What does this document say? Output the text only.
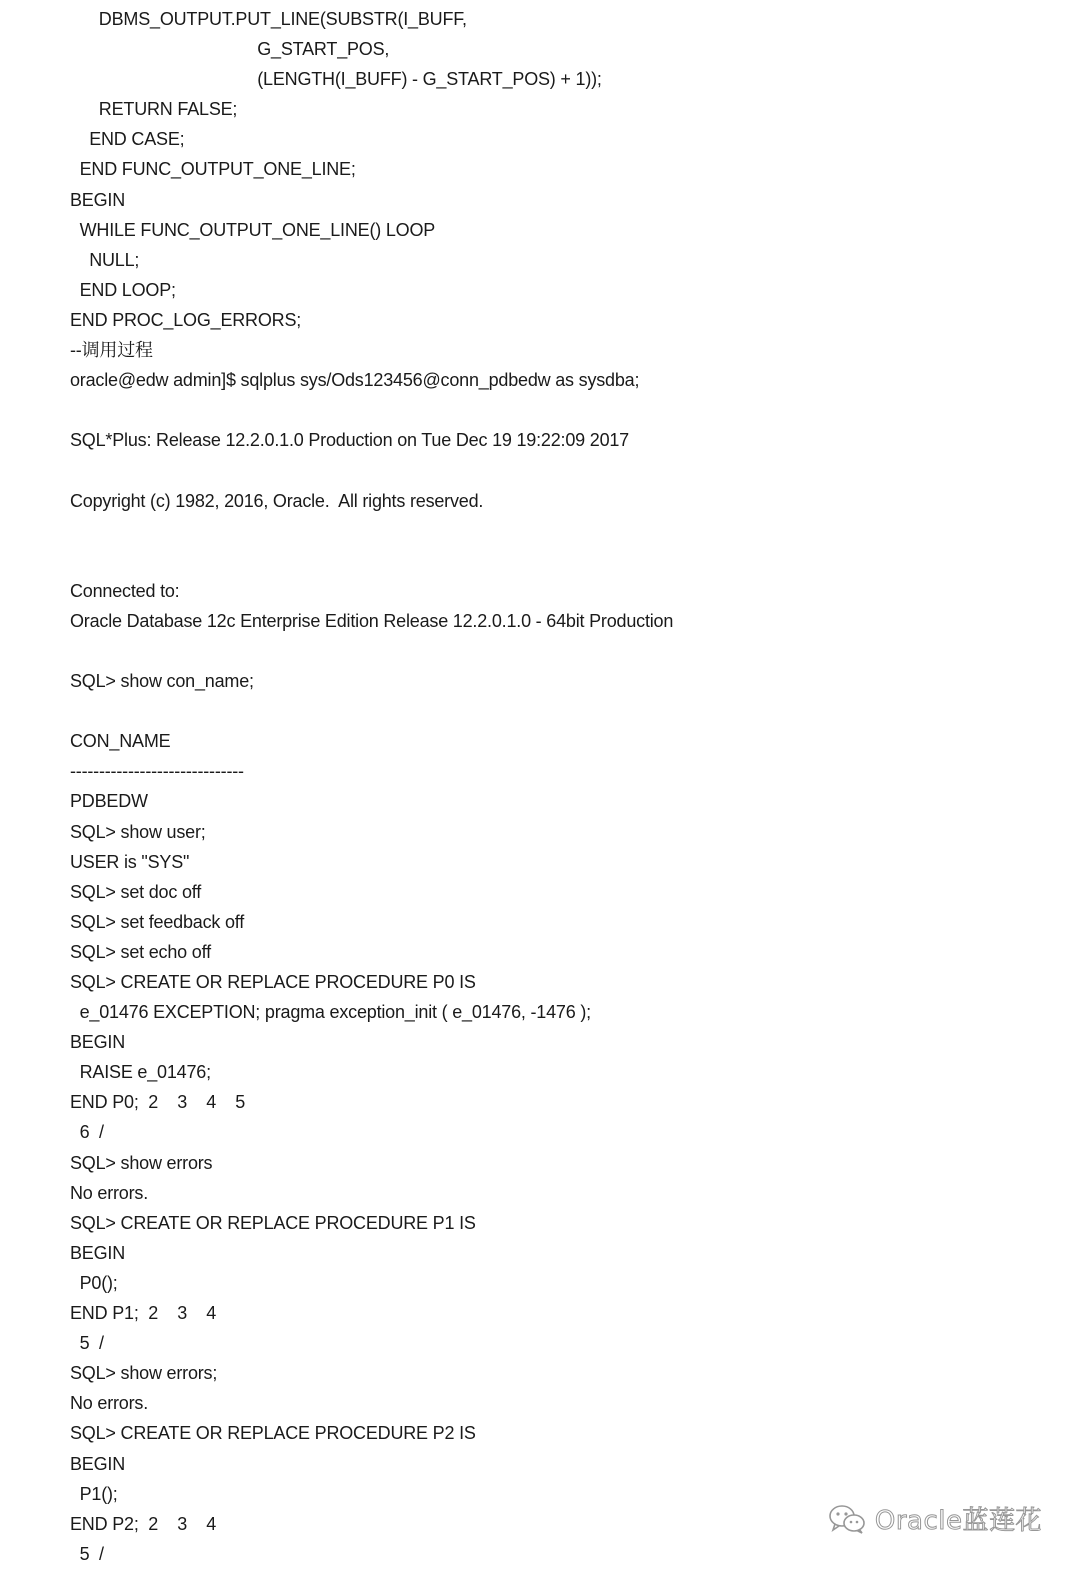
DBMS_OUTPUT.PUT_LINE(SUBSTR(I_BUFF,
G_START_POS,
(LENGTH(I_BUFF) - G_START_POS) + 1));
RETURN FALSE;
END CASE;
END FUNC_OUTPUT_ONE_LINE;
BEGIN
WHILE FUNC_OUTPUT_ONE_LINE() LOOP
NULL;
END LOOP;
END PROC_LOG_ERRORS;
--调用过程
oracle@edw admin]$ sqlplus sys/Ods123456@conn_pdbedw as sysdba;
SQL*Plus: Release 12.2.0.1.0 Production on Tue Dec 19 19:22:09 2017
Copyright (c) 1982, 2016, Oracle.  All rights reserved.
Connected to:
Oracle Database 12c Enterprise Edition Release 12.2.0.1.0 - 64bit Production
SQL> show con_name;
CON_NAME
------------------------------
PDBEDW
SQL> show user;
USER is "SYS"
SQL> set doc off
SQL> set feedback off
SQL> set echo off
SQL> CREATE OR REPLACE PROCEDURE P0 IS
e_01476 EXCEPTION; pragma exception_init ( e_01476, -1476 );
BEGIN
RAISE e_01476;
END P0;  2    3    4    5
6  /
SQL> show errors
No errors.
SQL> CREATE OR REPLACE PROCEDURE P1 IS
BEGIN
P0();
END P1;  2    3    4
5  /
SQL> show errors;
No errors.
SQL> CREATE OR REPLACE PROCEDURE P2 IS
BEGIN
P1();
END P2;  2    3    4
5  /
Oracle蓝莲花
